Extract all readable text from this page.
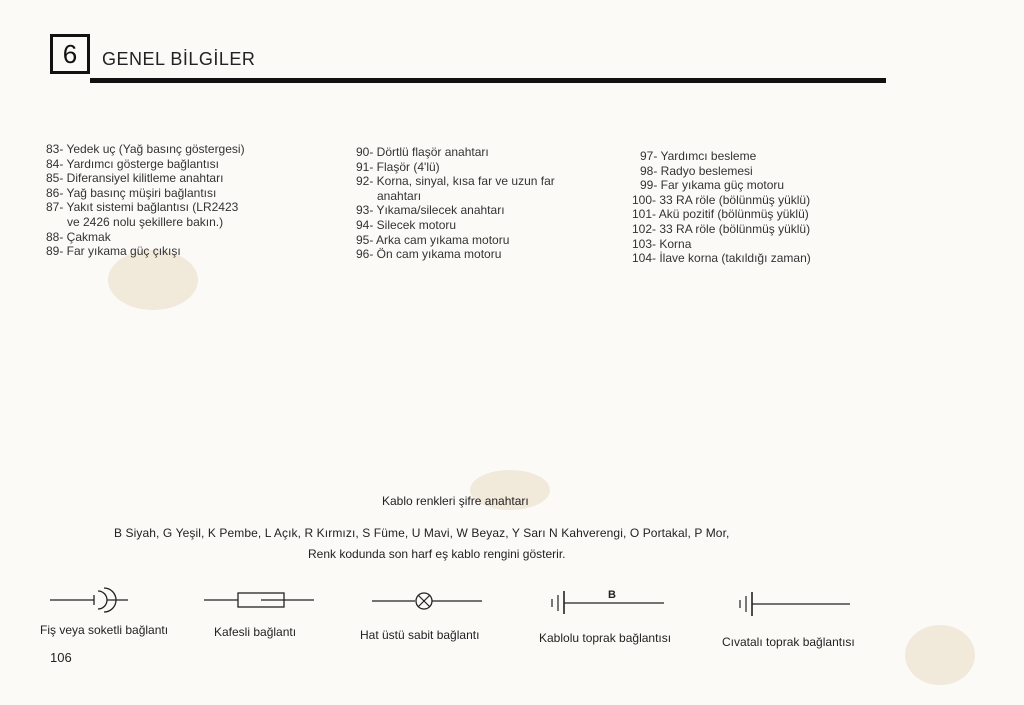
6	GENEL BİLGİLER
83- Yedek uç (Yağ basınç göstergesi)
84- Yardımcı gösterge bağlantısı
85- Diferansiyel kilitleme anahtarı
86- Yağ basınç müşiri bağlantısı
87- Yakıt sistemi bağlantısı (LR2423
ve 2426 nolu şekillere bakın.)
88- Çakmak
89- Far yıkama güç çıkışı
90- Dörtlü flaşör anahtarı
91- Flaşör (4'lü)
92- Korna, sinyal, kısa far ve uzun far
anahtarı
93- Yıkama/silecek anahtarı
94- Silecek motoru
95- Arka cam yıkama motoru
96- Ön cam yıkama motoru
97- Yardımcı besleme
98- Radyo beslemesi
99- Far yıkama güç motoru
100- 33 RA röle (bölünmüş yüklü)
101- Akü pozitif (bölünmüş yüklü)
102- 33 RA röle (bölünmüş yüklü)
103- Korna
104- İlave korna (takıldığı zaman)
Kablo renkleri şifre anahtarı
B Siyah, G Yeşil, K Pembe, L Açık, R Kırmızı, S Füme, U Mavi, W Beyaz, Y Sarı N Kahverengi, O Portakal, P Mor,
Renk kodunda son harf eş kablo rengini gösterir.
Fiş veya soketli bağlantı	Kafesli bağlantı	Hat üstü sabit bağlantı
B
Kablolu toprak bağlantısı	Cıvatalı toprak bağlantısı
106
